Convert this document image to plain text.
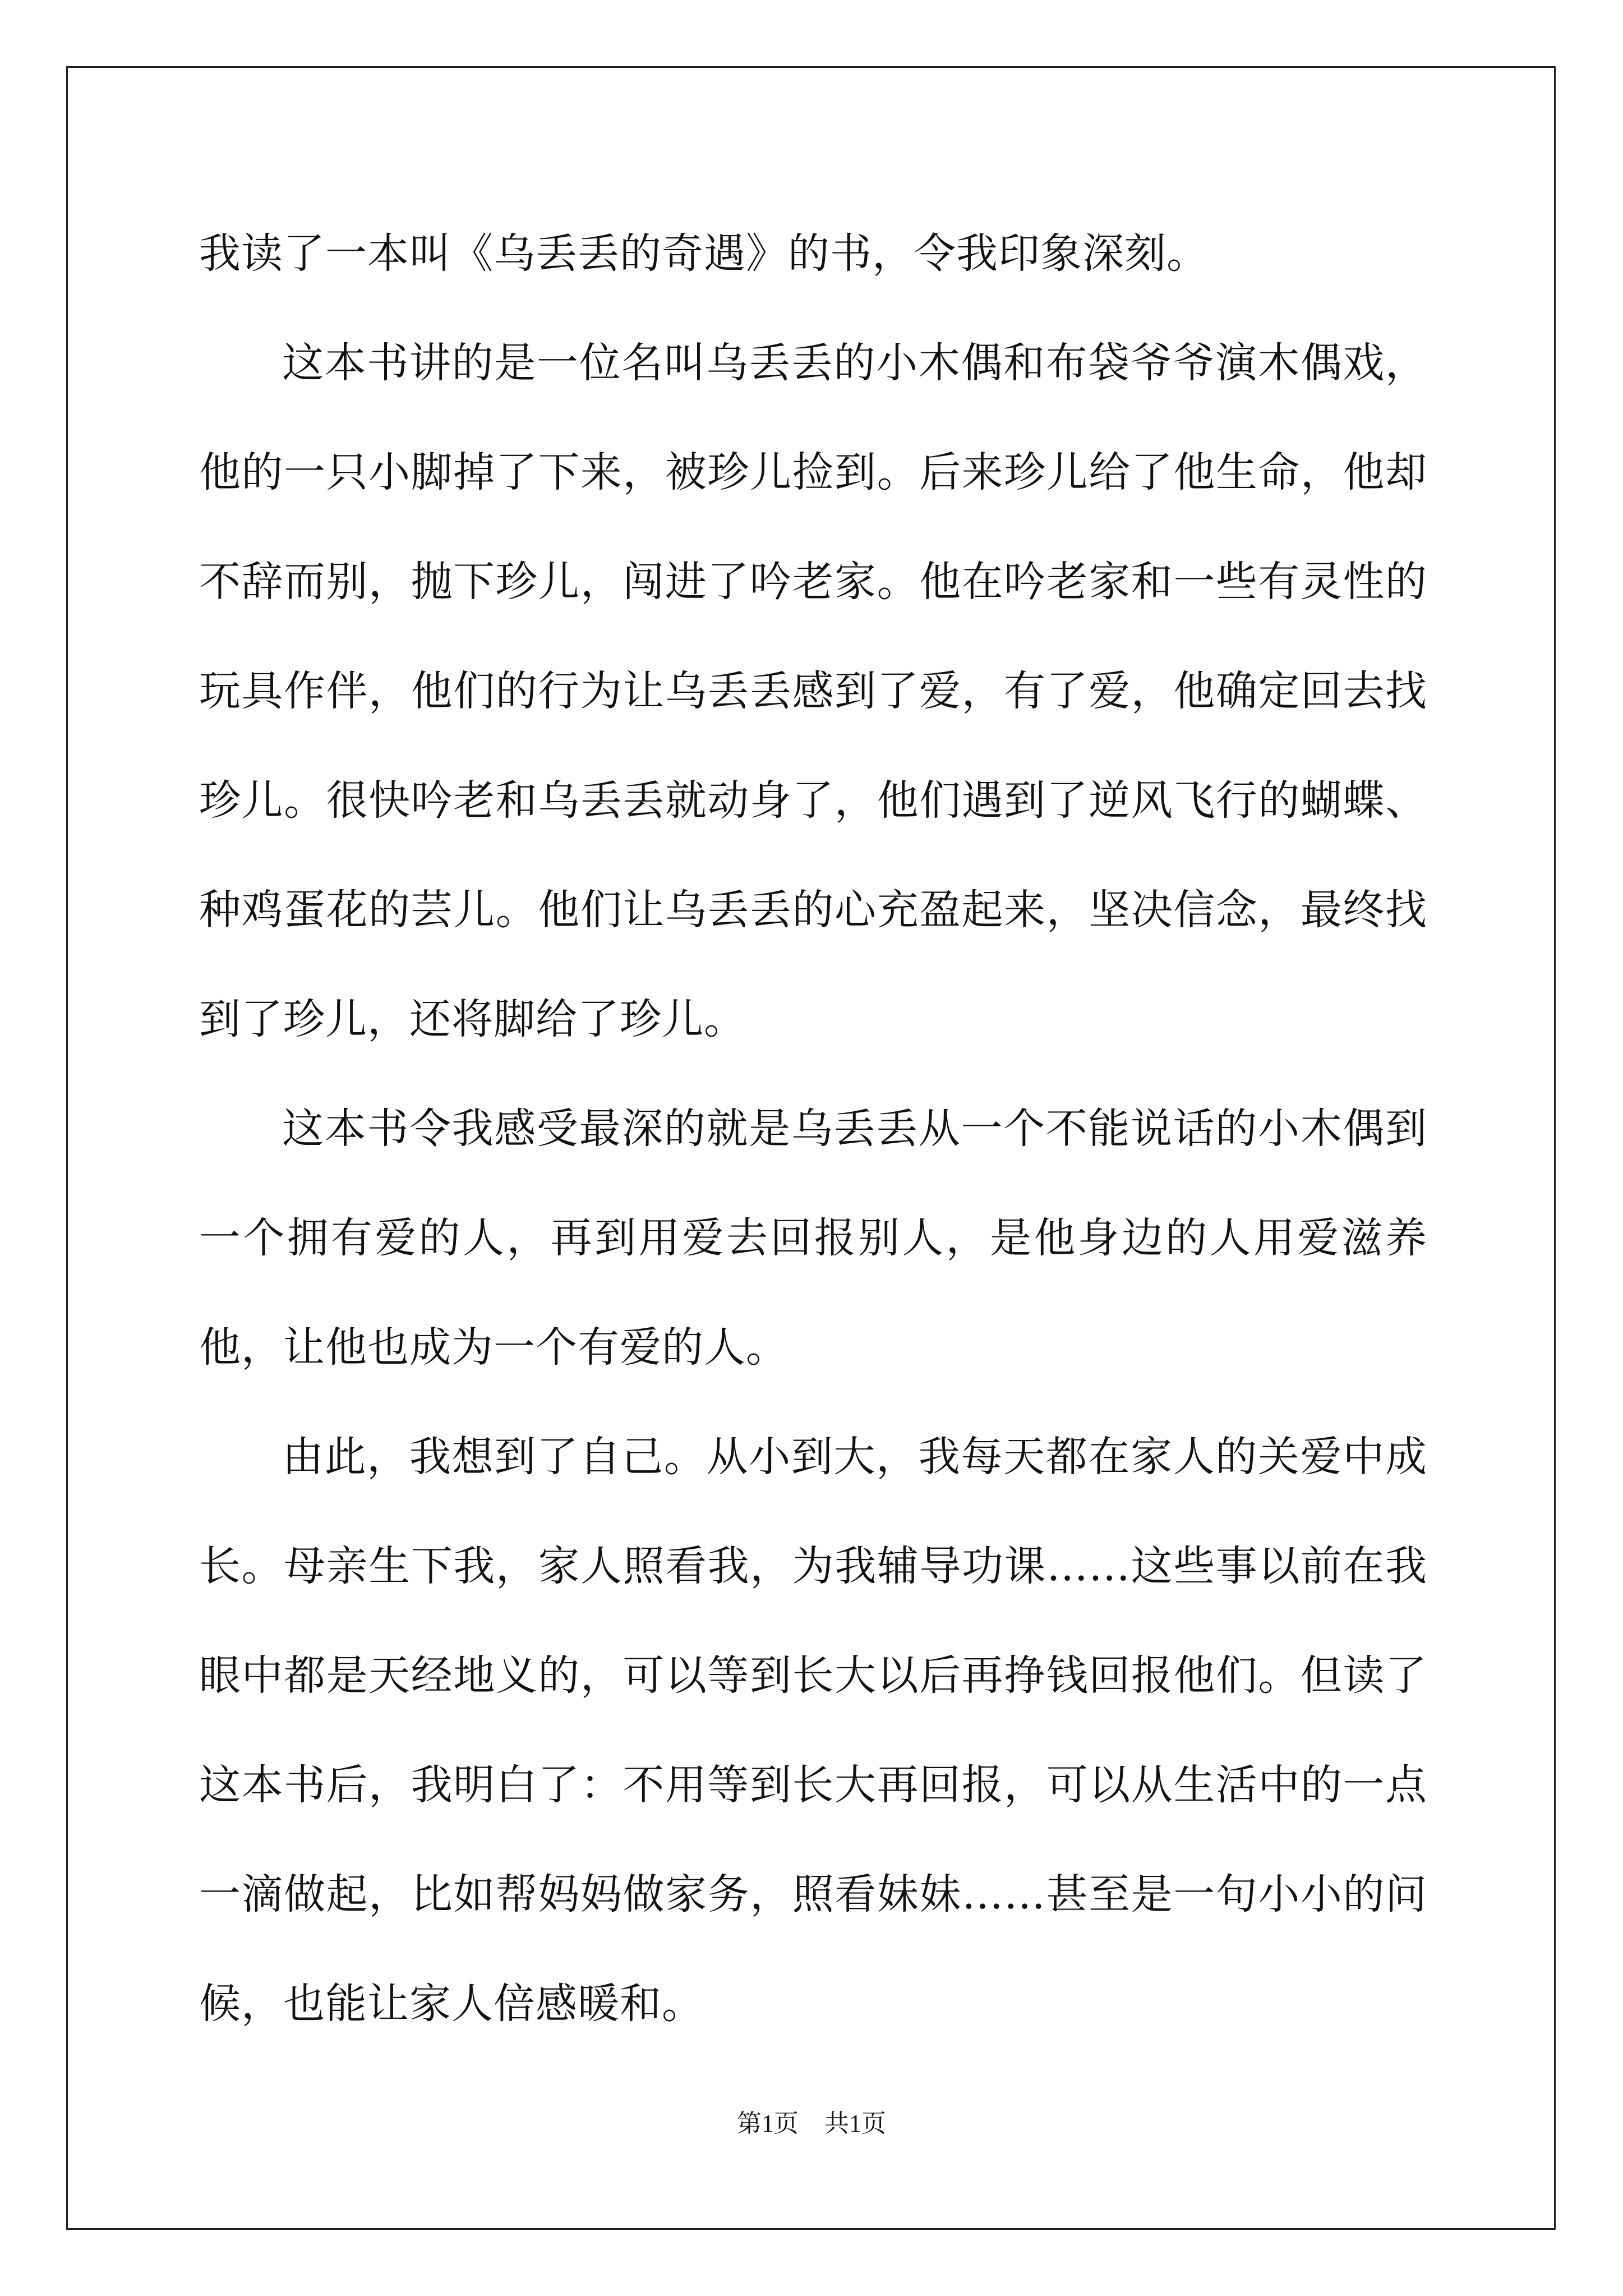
我读了一本叫《乌丢丢的奇遇》的书，令我印象深刻。

这本书讲的是一位名叫乌丢丢的小木偶和布袋爷爷演木偶戏，他的一只小脚掉了下来，被珍儿捡到。后来珍儿给了他生命，他却不辞而别，抛下珍儿，闯进了吟老家。他在吟老家和一些有灵性的玩具作伴，他们的行为让乌丢丢感到了爱，有了爱，他确定回去找珍儿。很快吟老和乌丢丢就动身了，他们遇到了逆风飞行的蝴蝶、种鸡蛋花的芸儿。他们让乌丢丢的心充盈起来，坚决信念，最终找到了珍儿，还将脚给了珍儿。

这本书令我感受最深的就是乌丢丢从一个不能说话的小木偶到一个拥有爱的人，再到用爱去回报别人，是他身边的人用爱滋养他，让他也成为一个有爱的人。

由此，我想到了自己。从小到大，我每天都在家人的关爱中成长。母亲生下我，家人照看我，为我辅导功课……这些事以前在我眼中都是天经地义的，可以等到长大以后再挣钱回报他们。但读了这本书后，我明白了：不用等到长大再回报，可以从生活中的一点一滴做起，比如帮妈妈做家务，照看妹妹……甚至是一句小小的问候，也能让家人倍感暖和。

第1页 共1页
